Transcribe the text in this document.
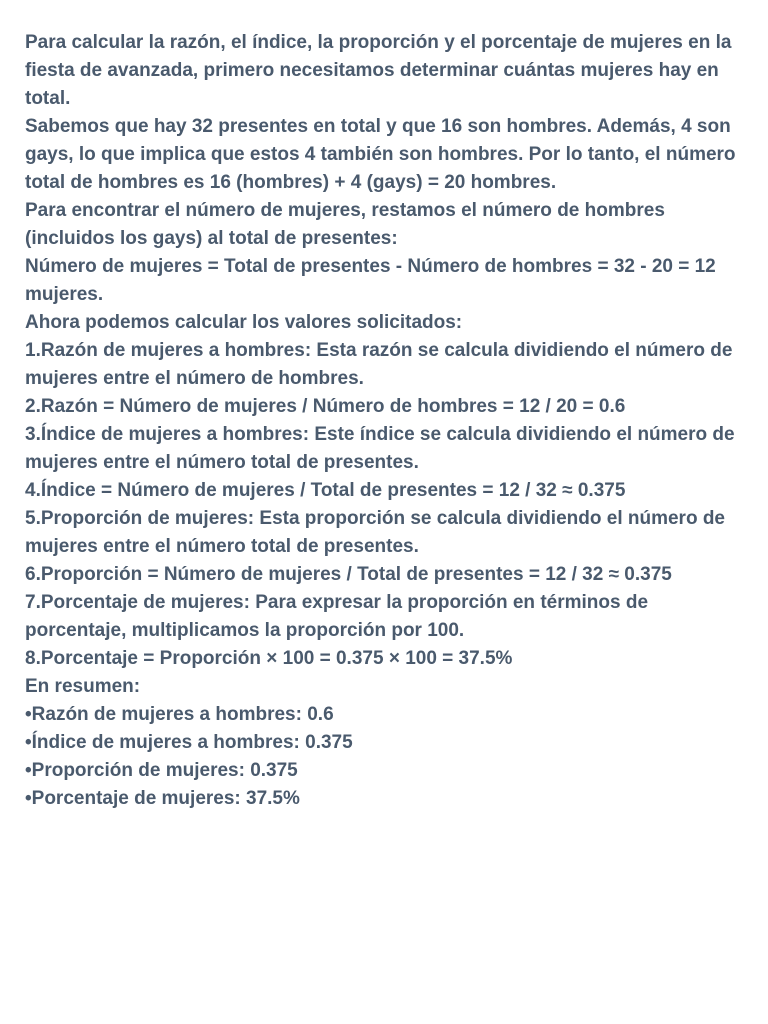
Para calcular la razón, el índice, la proporción y el porcentaje de mujeres en la fiesta de avanzada, primero necesitamos determinar cuántas mujeres hay en total.

Sabemos que hay 32 presentes en total y que 16 son hombres. Además, 4 son gays, lo que implica que estos 4 también son hombres. Por lo tanto, el número total de hombres es 16 (hombres) + 4 (gays) = 20 hombres.

Para encontrar el número de mujeres, restamos el número de hombres (incluidos los gays) al total de presentes:

Número de mujeres = Total de presentes - Número de hombres = 32 - 20 = 12 mujeres.

Ahora podemos calcular los valores solicitados:

1.Razón de mujeres a hombres: Esta razón se calcula dividiendo el número de mujeres entre el número de hombres.

2.Razón = Número de mujeres / Número de hombres = 12 / 20 = 0.6

3.Índice de mujeres a hombres: Este índice se calcula dividiendo el número de mujeres entre el número total de presentes.

4.Índice = Número de mujeres / Total de presentes = 12 / 32 ≈ 0.375

5.Proporción de mujeres: Esta proporción se calcula dividiendo el número de mujeres entre el número total de presentes.

6.Proporción = Número de mujeres / Total de presentes = 12 / 32 ≈ 0.375

7.Porcentaje de mujeres: Para expresar la proporción en términos de porcentaje, multiplicamos la proporción por 100.

8.Porcentaje = Proporción × 100 = 0.375 × 100 = 37.5%

En resumen:

•Razón de mujeres a hombres: 0.6

•Índice de mujeres a hombres: 0.375

•Proporción de mujeres: 0.375

•Porcentaje de mujeres: 37.5%
